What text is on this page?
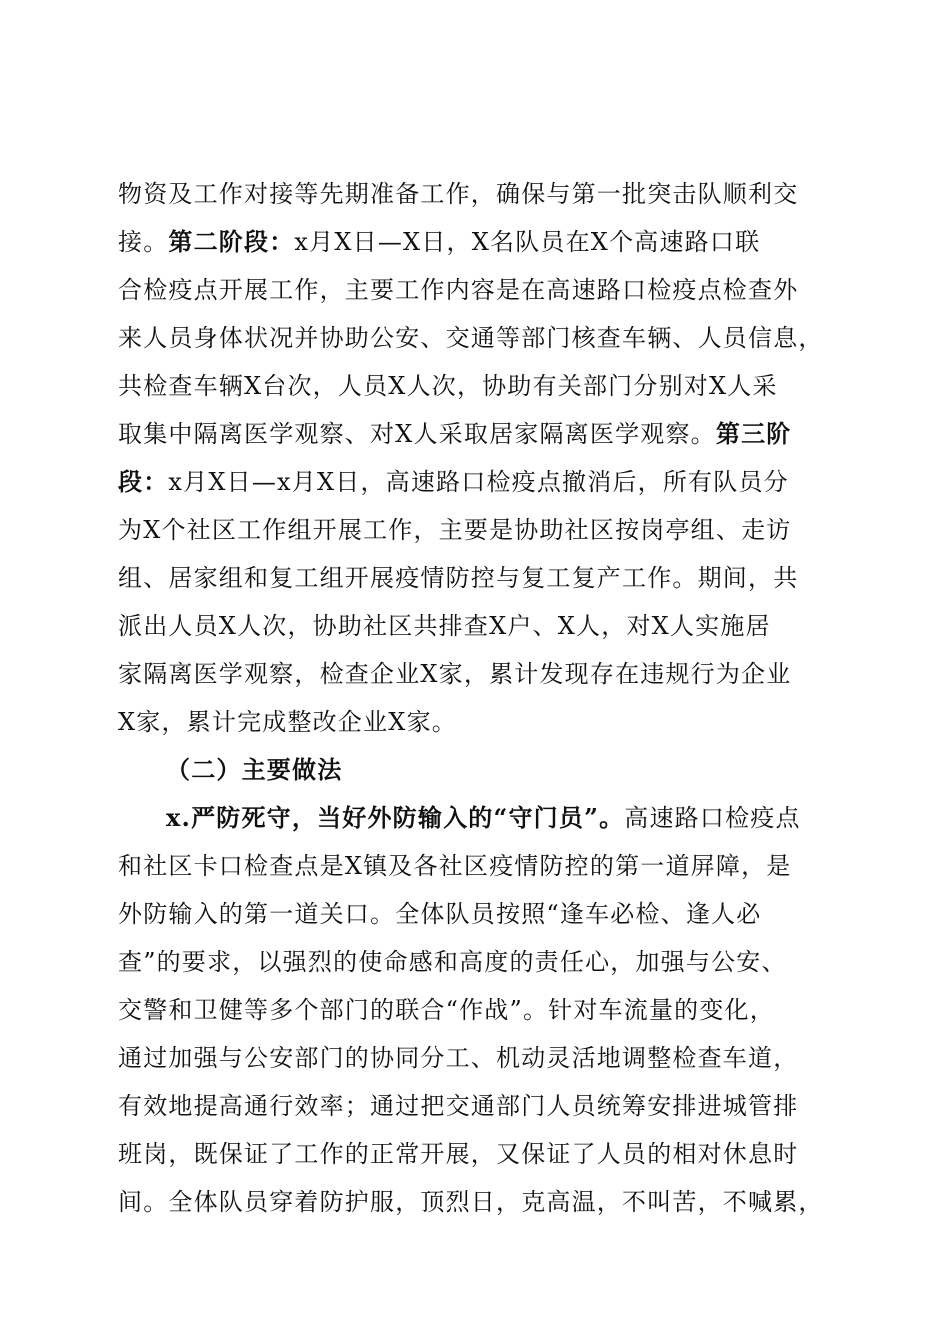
物资及工作对接等先期准备工作，确保与第一批突击队顺利交
接。第二阶段：x月X日—X日，X名队员在X个高速路口联
合检疫点开展工作，主要工作内容是在高速路口检疫点检查外
来人员身体状况并协助公安、交通等部门核查车辆、人员信息，
共检查车辆X台次，人员X人次，协助有关部门分别对X人采
取集中隔离医学观察、对X人采取居家隔离医学观察。第三阶
段：x月X日—x月X日，高速路口检疫点撤消后，所有队员分
为X个社区工作组开展工作，主要是协助社区按岗亭组、走访
组、居家组和复工组开展疫情防控与复工复产工作。期间，共
派出人员X人次，协助社区共排查X户、X人，对X人实施居
家隔离医学观察，检查企业X家，累计发现存在违规行为企业
X家，累计完成整改企业X家。
（二）主要做法
x.严防死守，当好外防输入的“守门员”。高速路口检疫点
和社区卡口检查点是X镇及各社区疫情防控的第一道屏障，是
外防输入的第一道关口。全体队员按照“逢车必检、逢人必
查”的要求，以强烈的使命感和高度的责任心，加强与公安、
交警和卫健等多个部门的联合“作战”。针对车流量的变化，
通过加强与公安部门的协同分工、机动灵活地调整检查车道，
有效地提高通行效率；通过把交通部门人员统筹安排进城管排
班岗，既保证了工作的正常开展，又保证了人员的相对休息时
间。全体队员穿着防护服，顶烈日，克高温，不叫苦，不喊累，
